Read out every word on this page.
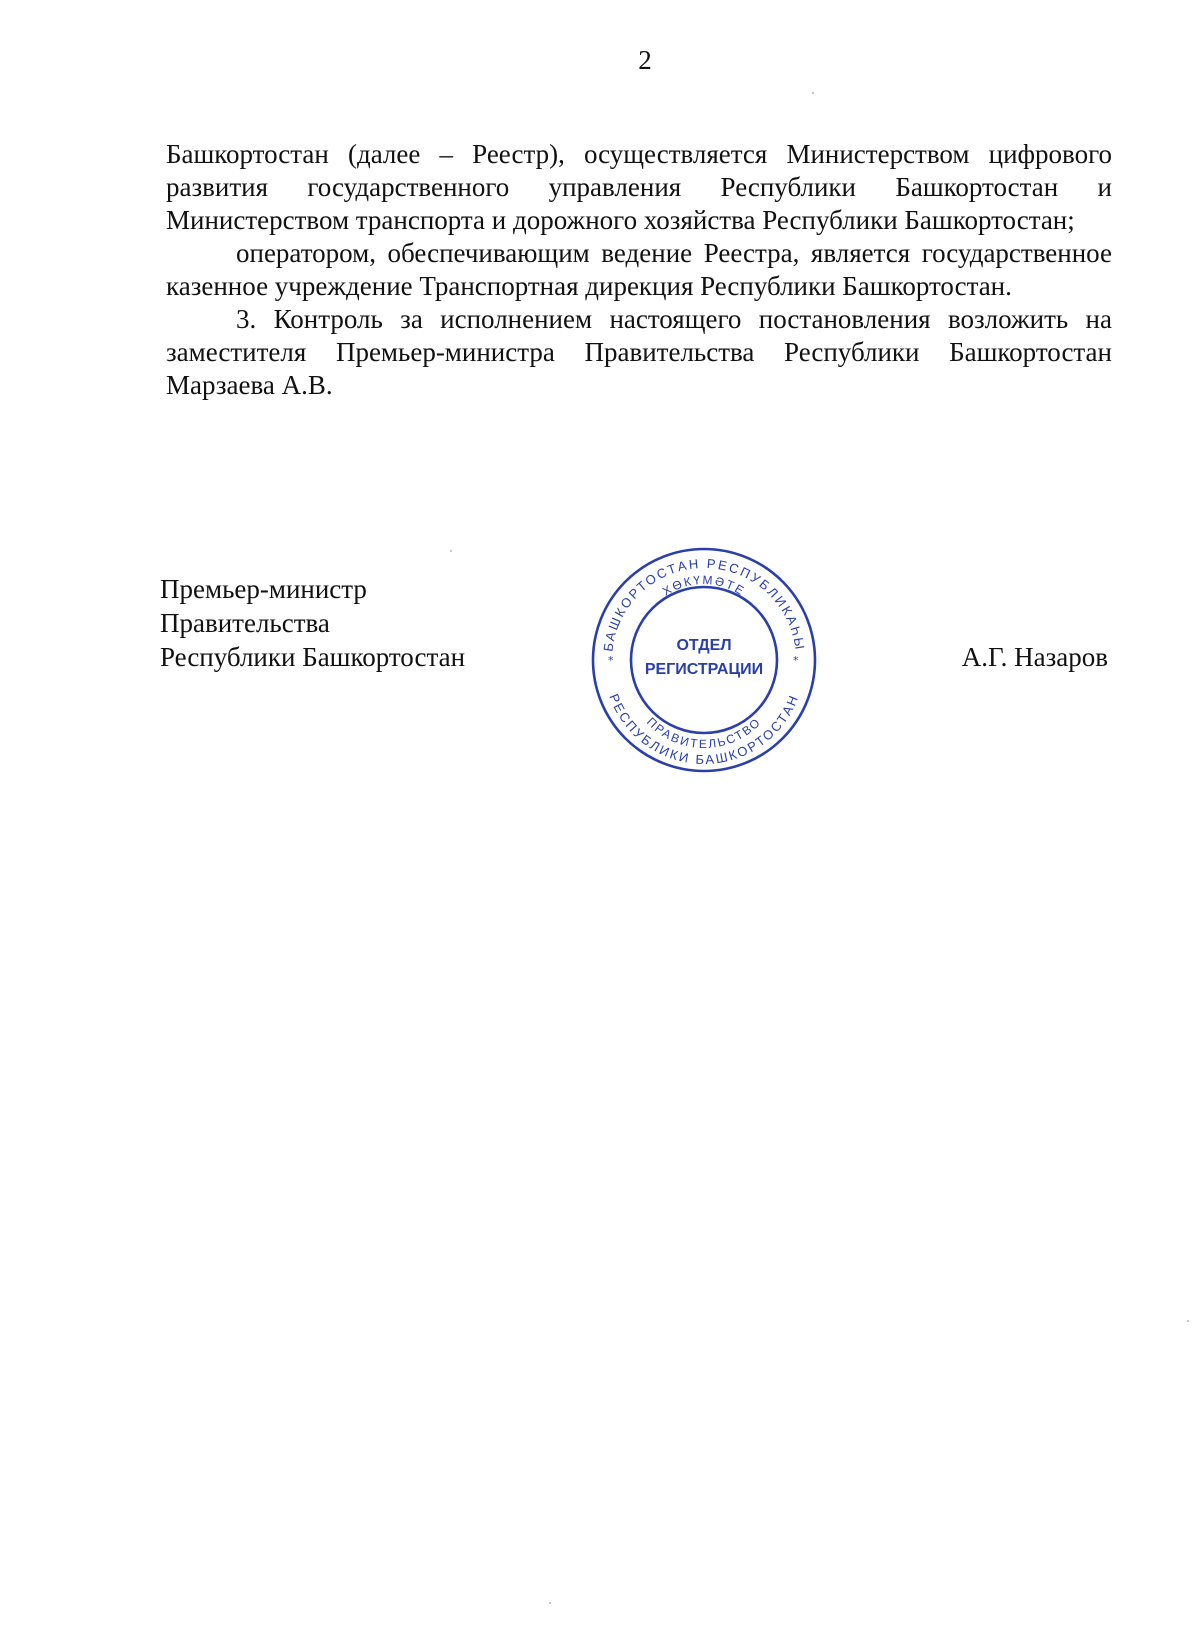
2

Башкортостан (далее – Реестр), осуществляется Министерством цифрового развития государственного управления Республики Башкортостан и Министерством транспорта и дорожного хозяйства Республики Башкортостан;

оператором, обеспечивающим ведение Реестра, является государственное казенное учреждение Транспортная дирекция Республики Башкортостан.

3. Контроль за исполнением настоящего постановления возложить на заместителя Премьер-министра Правительства Республики Башкортостан Марзаева А.В.

Премьер-министр
Правительства
Республики Башкортостан	А.Г. Назаров
БАШКОРТОСТАН РЕСПУБЛИКАҺЫ
РЕСПУБЛИКИ БАШКОРТОСТАН
ХӨКҮМӘТЕ
ПРАВИТЕЛЬСТВО
*	*
ОТДЕЛ
РЕГИСТРАЦИИ
